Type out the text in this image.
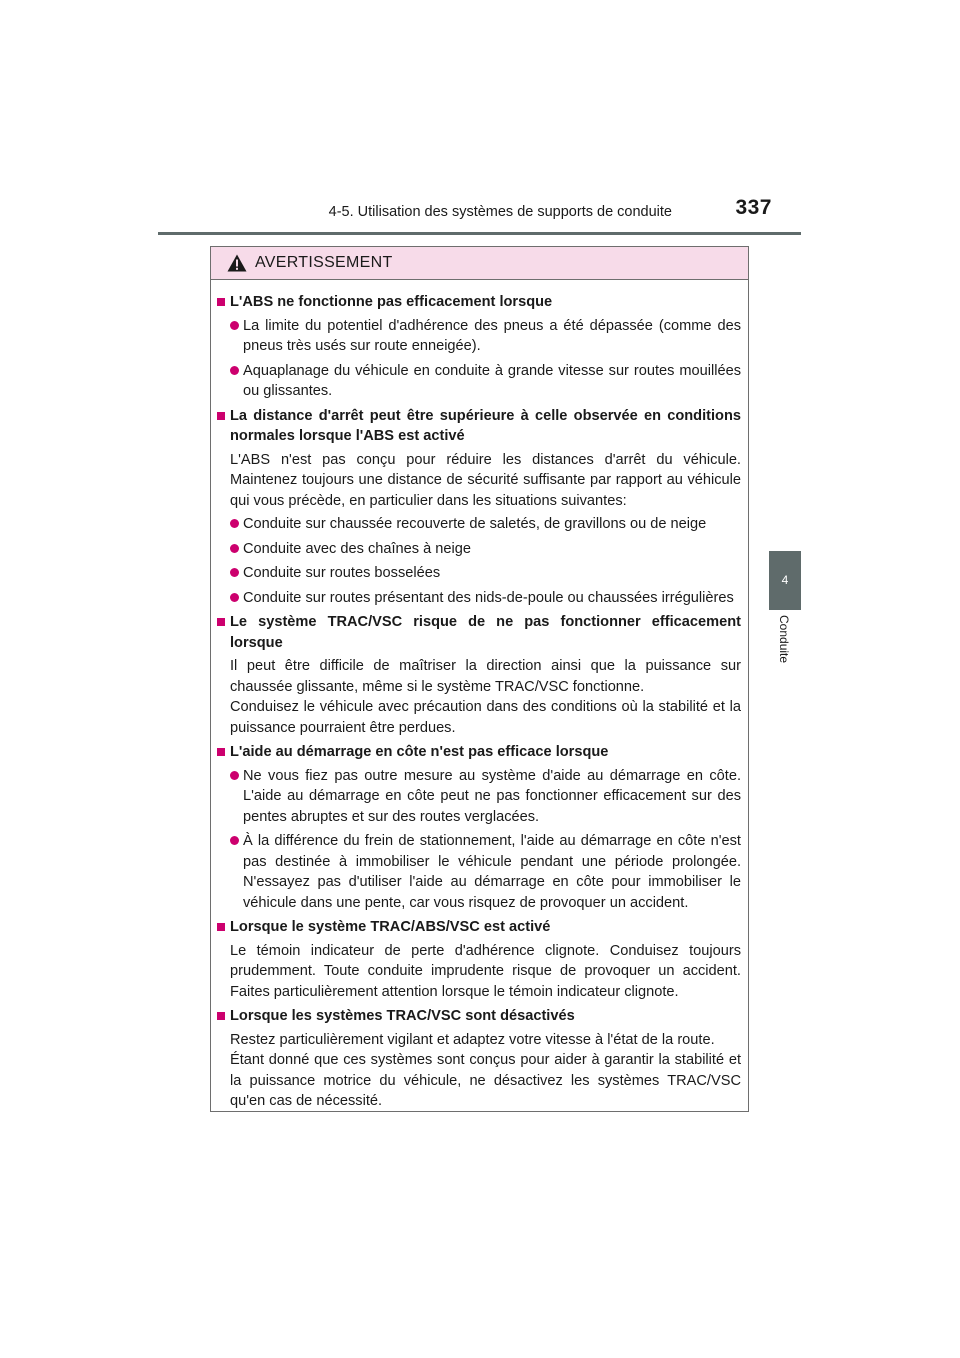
4-5. Utilisation des systèmes de supports de conduite	337
4
Conduite
AVERTISSEMENT
L'ABS ne fonctionne pas efficacement lorsque
La limite du potentiel d'adhérence des pneus a été dépassée (comme des pneus très usés sur route enneigée).
Aquaplanage du véhicule en conduite à grande vitesse sur routes mouillées ou glissantes.
La distance d'arrêt peut être supérieure à celle observée en conditions normales lorsque l'ABS est activé
L'ABS n'est pas conçu pour réduire les distances d'arrêt du véhicule. Maintenez toujours une distance de sécurité suffisante par rapport au véhicule qui vous précède, en particulier dans les situations suivantes:
Conduite sur chaussée recouverte de saletés, de gravillons ou de neige
Conduite avec des chaînes à neige
Conduite sur routes bosselées
Conduite sur routes présentant des nids-de-poule ou chaussées irrégulières
Le système TRAC/VSC risque de ne pas fonctionner efficacement lorsque
Il peut être difficile de maîtriser la direction ainsi que la puissance sur chaussée glissante, même si le système TRAC/VSC fonctionne.
Conduisez le véhicule avec précaution dans des conditions où la stabilité et la puissance pourraient être perdues.
L'aide au démarrage en côte n'est pas efficace lorsque
Ne vous fiez pas outre mesure au système d'aide au démarrage en côte. L'aide au démarrage en côte peut ne pas fonctionner efficacement sur des pentes abruptes et sur des routes verglacées.
À la différence du frein de stationnement, l'aide au démarrage en côte n'est pas destinée à immobiliser le véhicule pendant une période prolongée. N'essayez pas d'utiliser l'aide au démarrage en côte pour immobiliser le véhicule dans une pente, car vous risquez de provoquer un accident.
Lorsque le système TRAC/ABS/VSC est activé
Le témoin indicateur de perte d'adhérence clignote. Conduisez toujours prudemment. Toute conduite imprudente risque de provoquer un accident. Faites particulièrement attention lorsque le témoin indicateur clignote.
Lorsque les systèmes TRAC/VSC sont désactivés
Restez particulièrement vigilant et adaptez votre vitesse à l'état de la route.
Étant donné que ces systèmes sont conçus pour aider à garantir la stabilité et la puissance motrice du véhicule, ne désactivez les systèmes TRAC/VSC qu'en cas de nécessité.
